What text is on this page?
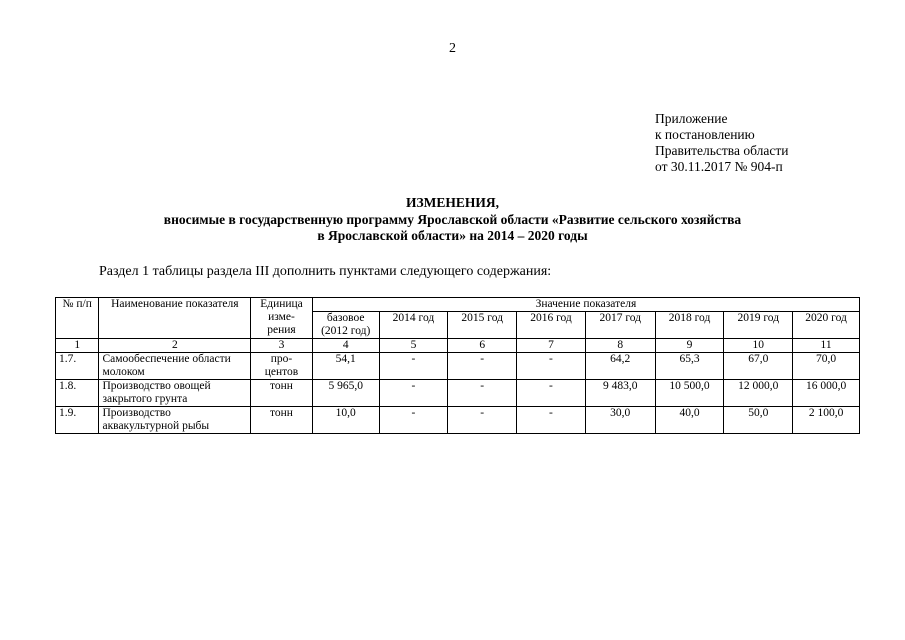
2
Приложение
к постановлению
Правительства области
от 30.11.2017 № 904-п
ИЗМЕНЕНИЯ,
вносимые в государственную программу Ярославской области «Развитие сельского хозяйства
в Ярославской области» на 2014 – 2020 годы
Раздел 1 таблицы раздела III дополнить пунктами следующего содержания:
№ п/п	Наименование показателя	Единица изме-рения	Значение показателя							
			базовое (2012 год)	2014 год	2015 год	2016 год	2017 год	2018 год	2019 год	2020 год
1	2	3	4	5	6	7	8	9	10	11
1.7.	Самообеспечение области молоком	про-центов	54,1	-	-	-	64,2	65,3	67,0	70,0
1.8.	Производство овощей закрытого грунта	тонн	5 965,0	-	-	-	9 483,0	10 500,0	12 000,0	16 000,0
1.9.	Производство аквакультурной рыбы	тонн	10,0	-	-	-	30,0	40,0	50,0	2 100,0
